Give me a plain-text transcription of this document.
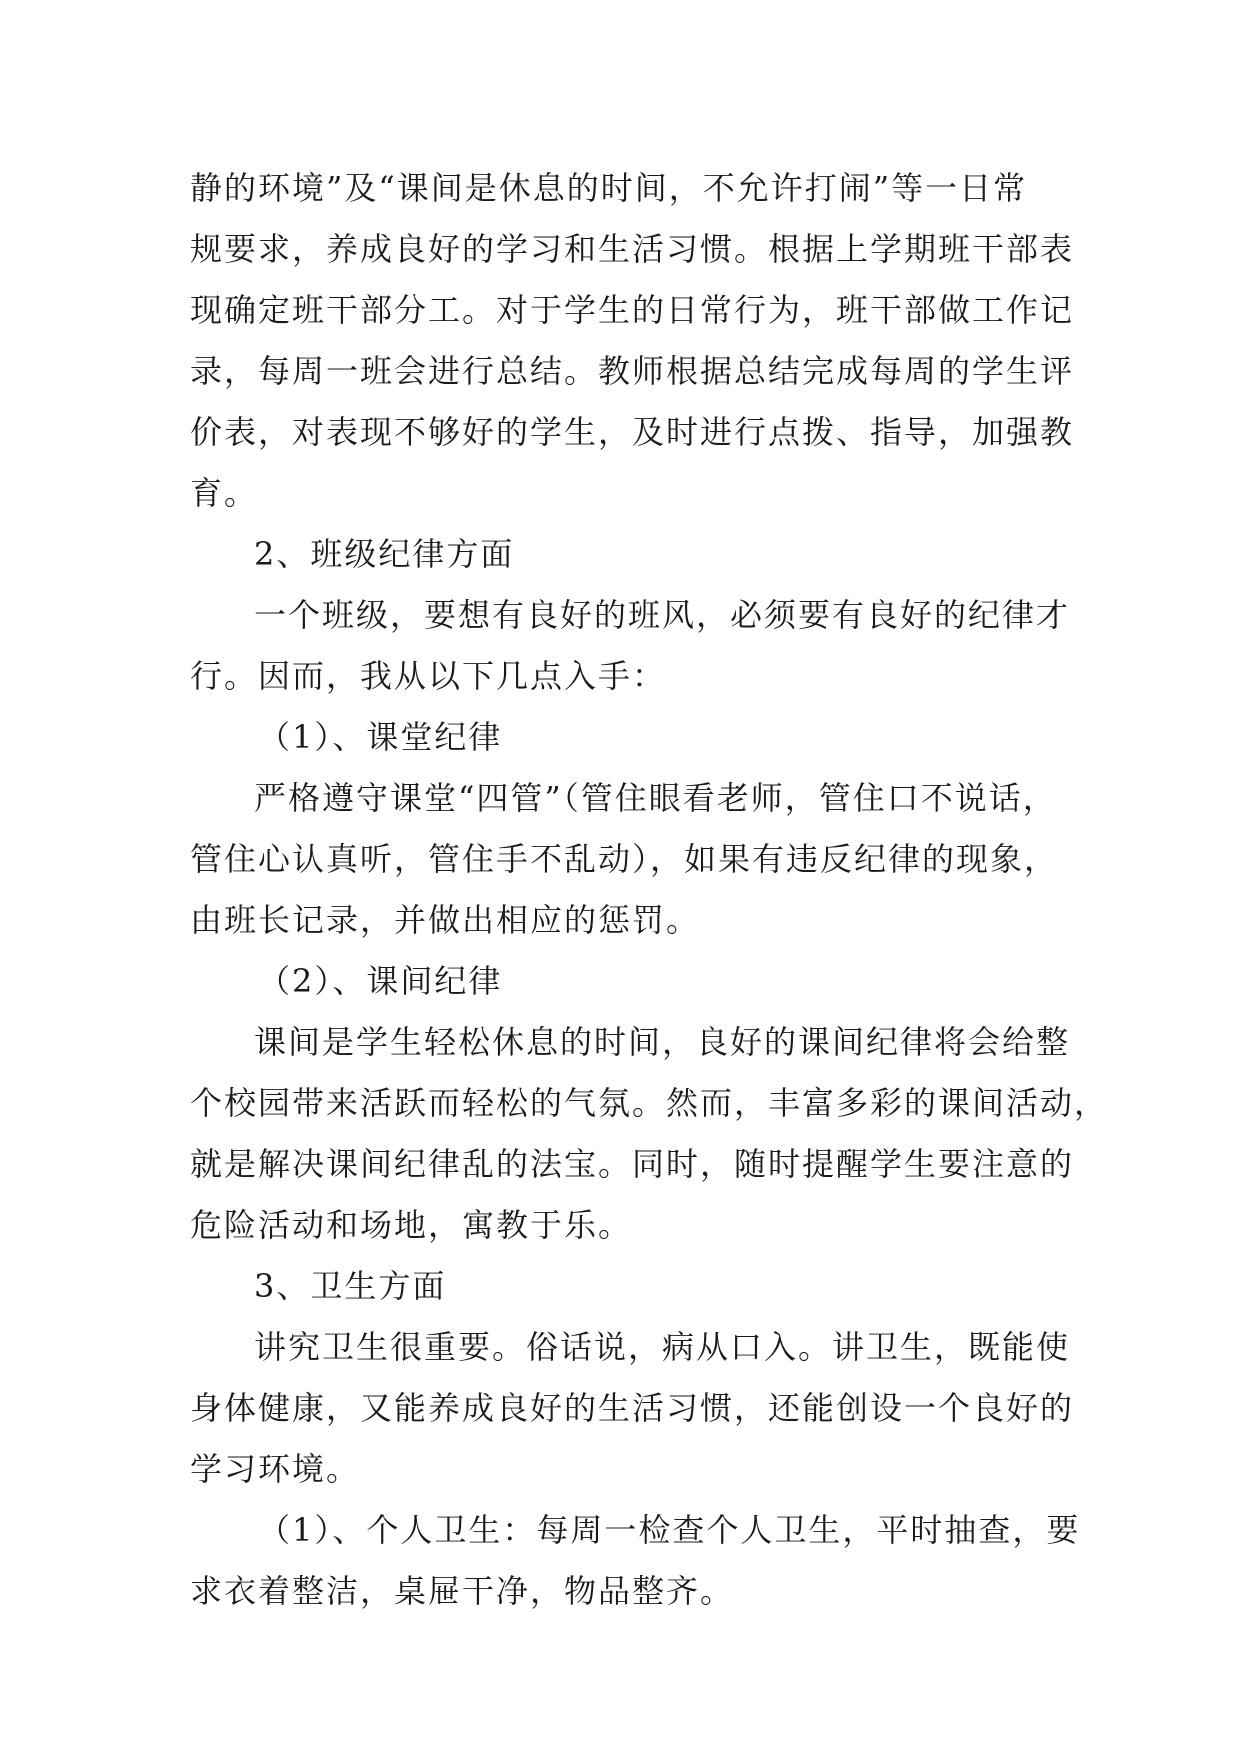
静的环境”及“课间是休息的时间，不允许打闹”等一日常
规要求，养成良好的学习和生活习惯。根据上学期班干部表
现确定班干部分工。对于学生的日常行为，班干部做工作记
录，每周一班会进行总结。教师根据总结完成每周的学生评
价表，对表现不够好的学生，及时进行点拨、指导，加强教
育。
2、班级纪律方面
一个班级，要想有良好的班风，必须要有良好的纪律才
行。因而，我从以下几点入手：
（1）、课堂纪律
严格遵守课堂“四管”（管住眼看老师，管住口不说话，
管住心认真听，管住手不乱动），如果有违反纪律的现象，
由班长记录，并做出相应的惩罚。
（2）、课间纪律
课间是学生轻松休息的时间，良好的课间纪律将会给整
个校园带来活跃而轻松的气氛。然而，丰富多彩的课间活动，
就是解决课间纪律乱的法宝。同时，随时提醒学生要注意的
危险活动和场地，寓教于乐。
3、卫生方面
讲究卫生很重要。俗话说，病从口入。讲卫生，既能使
身体健康，又能养成良好的生活习惯，还能创设一个良好的
学习环境。
（1）、个人卫生：每周一检查个人卫生，平时抽查，要
求衣着整洁，桌屉干净，物品整齐。
